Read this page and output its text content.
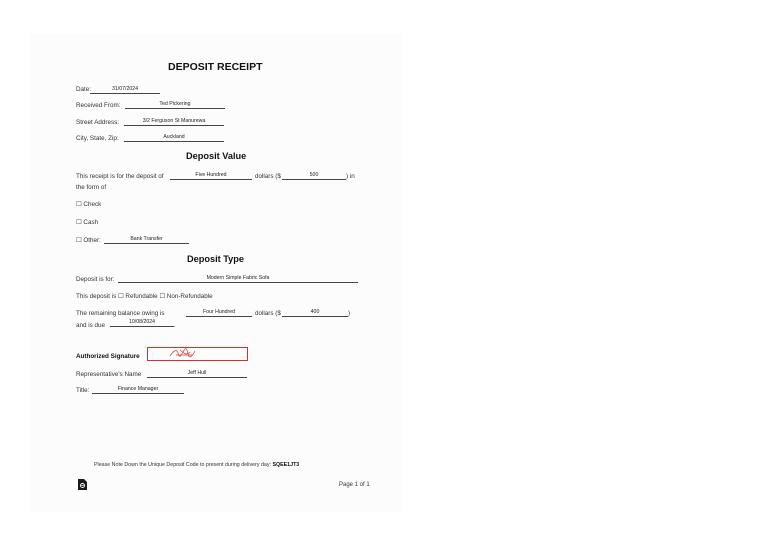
DEPOSIT RECEIPT
Date:	31/07/2024
Received From:	Ted Pickering
Street Address:	3/2 Ferguson St Manurewa
City, State, Zip:	Auckland
Deposit Value
This receipt is for the deposit of	Five Hundred	dollars ($	500	) in
the form of
☐ Check
☐ Cash
☐ Other:	Bank Transfer
Deposit Type
Deposit is for:	Modern Simple Fabric Sofa
This deposit is ☐ Refundable ☐ Non-Refundable
The remaining balance owing is	Four Hundred	dollars ($	400	)
and is due	10/08/2024	.
Authorized Signature
Representative's Name	Jeff Hull
Title:	Finance Manager
Please Note Down the Unique Deposit Code to present during delivery day: SQEE1JT3
Page 1 of 1
